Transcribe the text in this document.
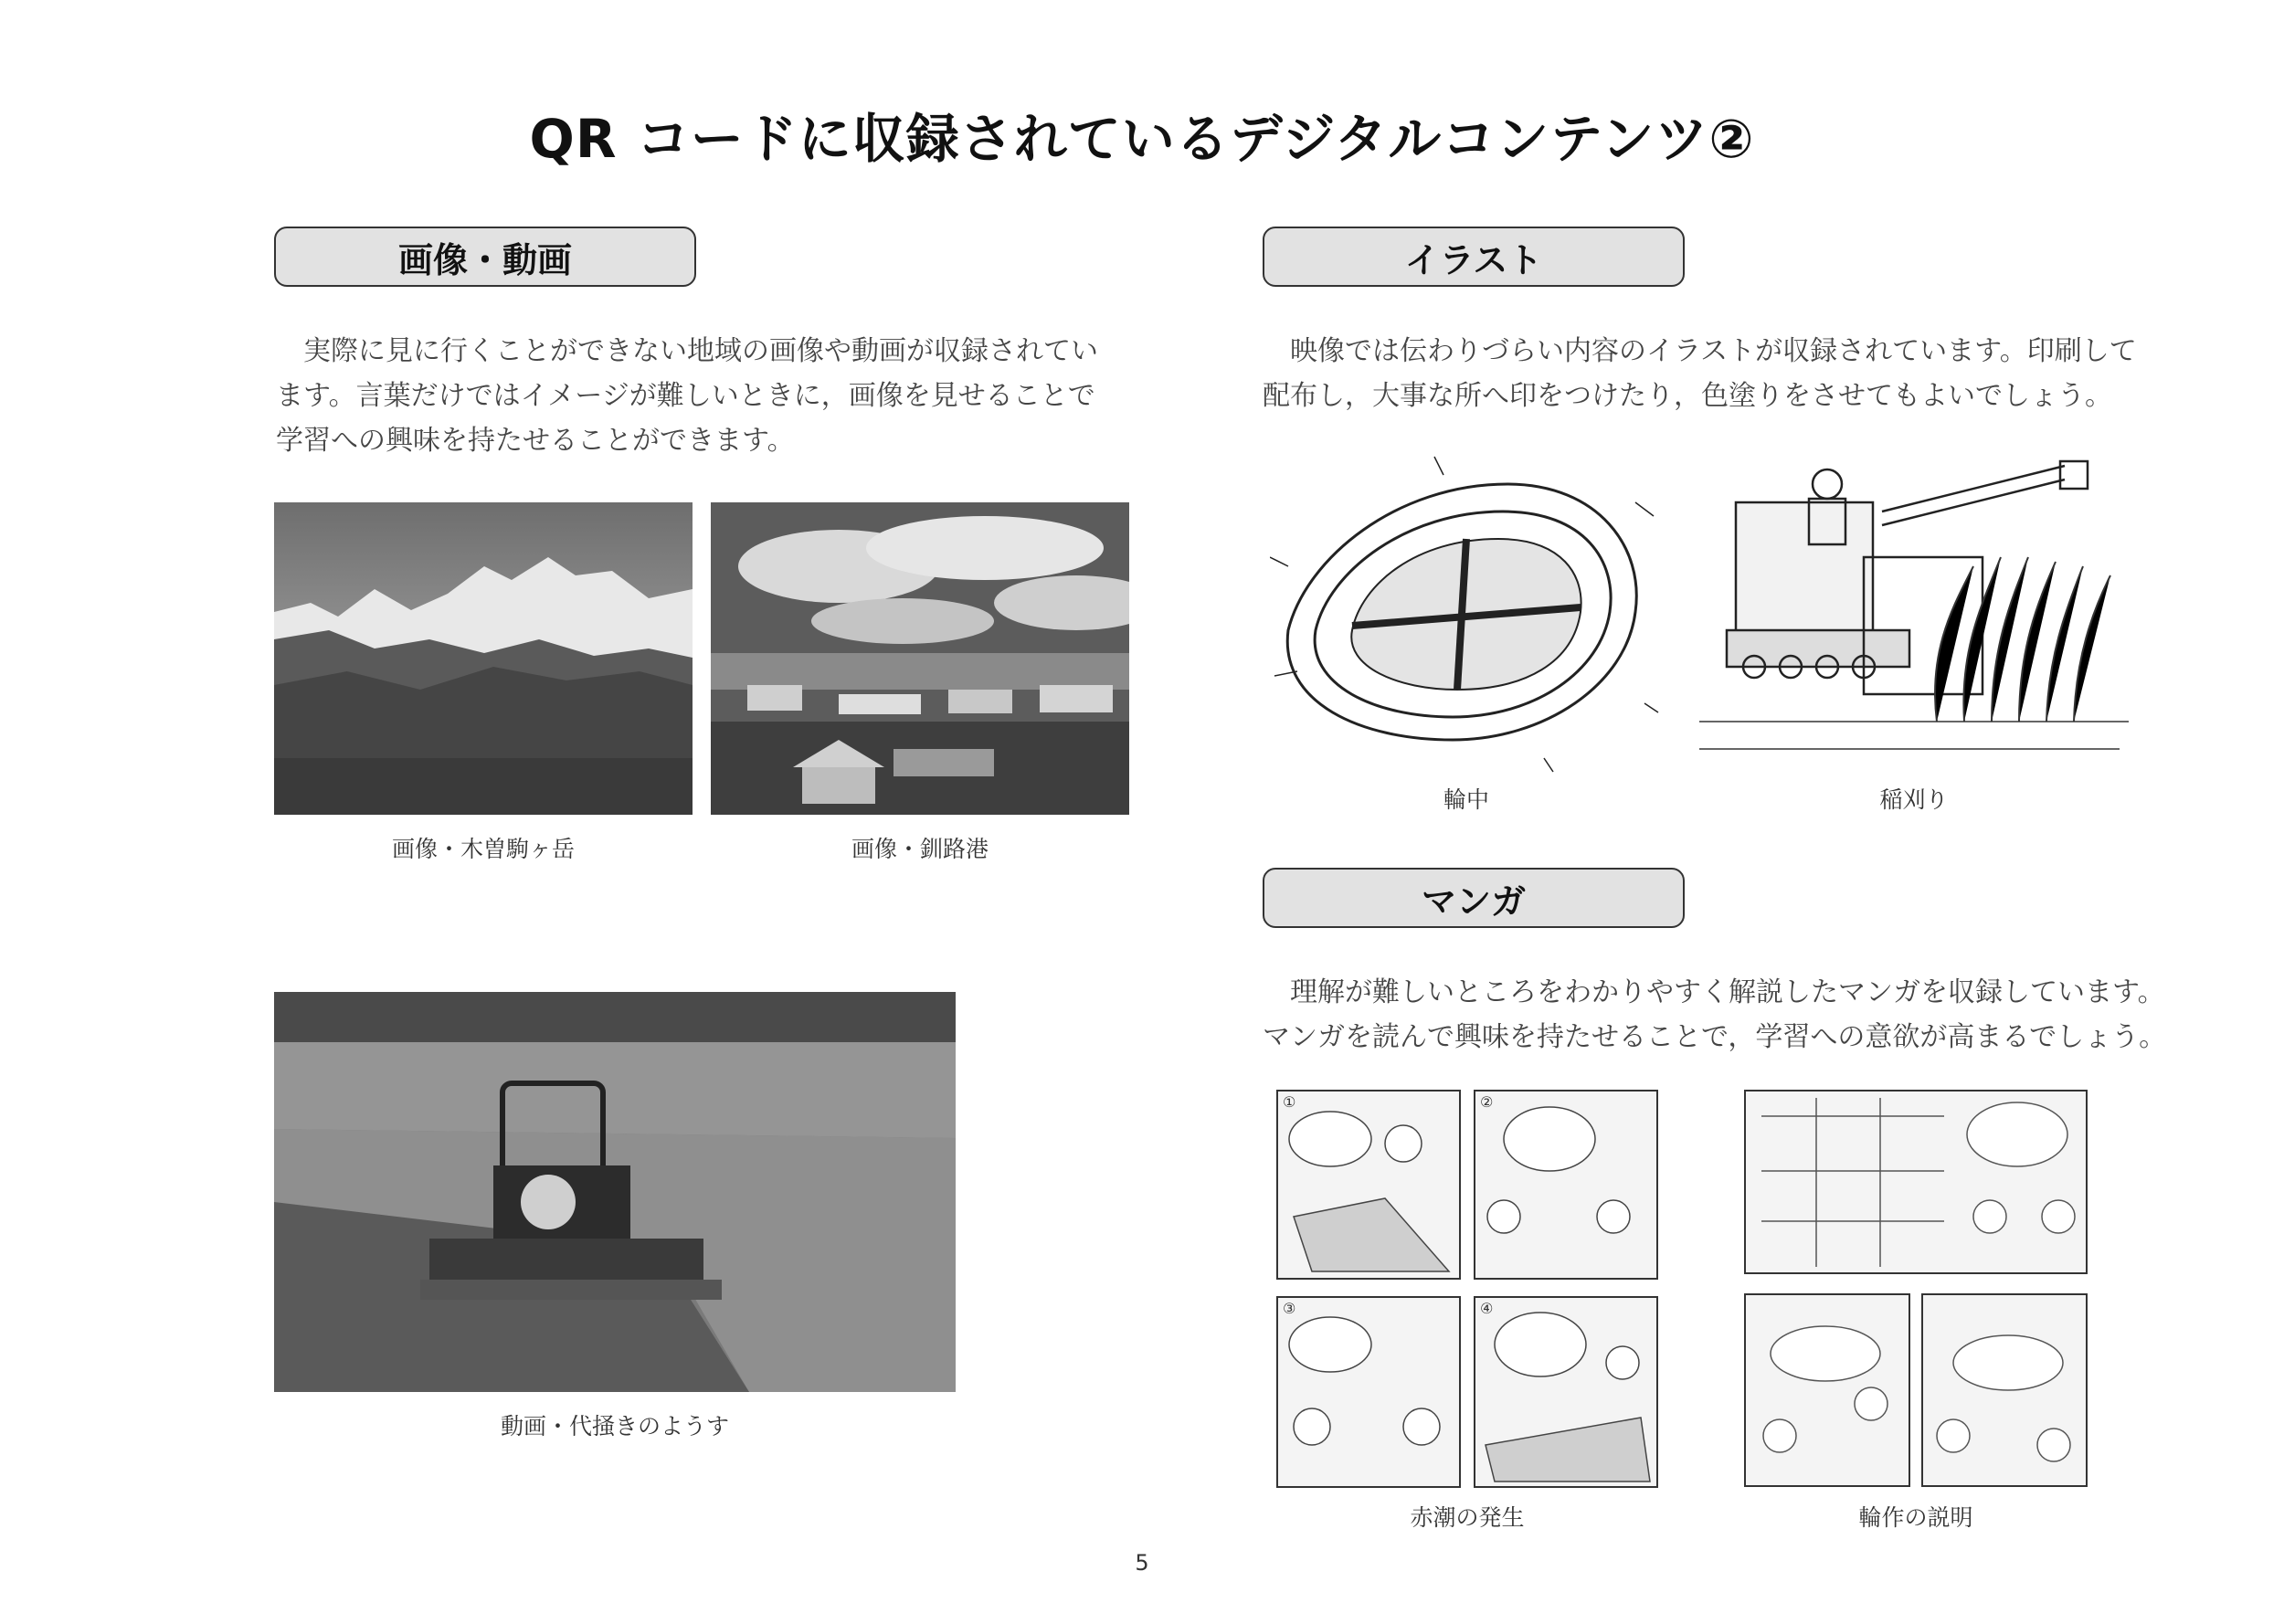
QR コードに収録されているデジタルコンテンツ②
画像・動画
　実際に見に行くことができない地域の画像や動画が収録されてい
ます。言葉だけではイメージが難しいときに，画像を見せることで
学習への興味を持たせることができます。
画像・木曽駒ヶ岳	画像・釧路港
動画・代掻きのようす
イラスト
　映像では伝わりづらい内容のイラストが収録されています。印刷して
配布し，大事な所へ印をつけたり，色塗りをさせてもよいでしょう。
輪中	稲刈り
マンガ
　理解が難しいところをわかりやすく解説したマンガを収録しています。
マンガを読んで興味を持たせることで，学習への意欲が高まるでしょう。
①	②
③	④
赤潮の発生	輪作の説明
5
